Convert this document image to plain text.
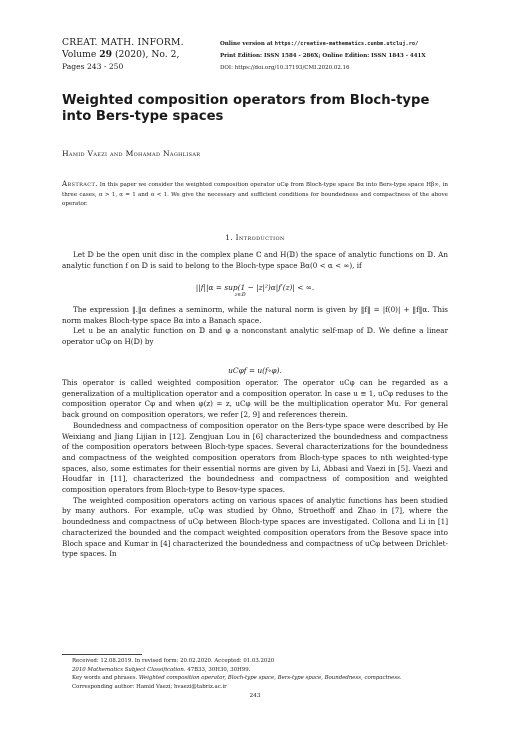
CREAT. MATH. INFORM.
Volume 29 (2020), No. 2,
Pages 243 - 250
Online version at https://creative-mathematics.cunbm.utcluj.ro/
Print Edition: ISSN 1584 - 286X; Online Edition: ISSN 1843 - 441X
DOI: https://doi.org/10.37193/CMI.2020.02.16
Weighted composition operators from Bloch-type into Bers-type spaces
Hamid Vaezi and Mohamad Naghlisar
Abstract. In this paper we consider the weighted composition operator uCφ from Bloch-type space Bα into Bers-type space Hβ∞, in three cases, α > 1, α = 1 and α < 1. We give the necessary and sufficient conditions for boundedness and compactness of the above operator.
1. Introduction

Let 𝔻 be the open unit disc in the complex plane ℂ and H(𝔻) the space of analytic functions on 𝔻. An analytic function f on 𝔻 is said to belong to the Bloch-type space Bα(0 < α < ∞), if

||f||α = sup(1 − |z|²)α|f′(z)| < ∞.
z∈𝔻

The expression ‖.‖α defines a seminorm, while the natural norm is given by ‖f‖ = |f(0)| + ‖f‖α. This norm makes Bloch-type space Bα into a Banach space.

Let u be an analytic function on 𝔻 and φ a nonconstant analytic self-map of 𝔻. We define a linear operator uCφ on H(𝔻) by

uCφf = u(f∘φ).

This operator is called weighted composition operator. The operator uCφ can be regarded as a generalization of a multiplication operator and a composition operator. In case u ≡ 1, uCφ reduses to the composition operator Cφ and when φ(z) = z, uCφ will be the multiplication operator Mu. For general back ground on composition operators, we refer [2, 9] and references therein.

Boundedness and compactness of composition operator on the Bers-type space were described by He Weixiang and Jiang Lijian in [12]. Zengjuan Lou in [6] characterized the boundedness and compactness of the composition operators between Bloch-type spaces. Several characterizations for the boundedness and compactness of the weighted composition operators from Bloch-type spaces to nth weighted-type spaces, also, some estimates for their essential norms are given by Li, Abbasi and Vaezi in [5]. Vaezi and Houdfar in [11], characterized the boundedness and compactness of composition and weighted composition operators from Bloch-type to Besov-type spaces.

The weighted composition operators acting on various spaces of analytic functions has been studied by many authors. For example, uCφ was studied by Ohno, Stroethoff and Zhao in [7], where the boundedness and compactness of uCφ between Bloch-type spaces are investigated. Collona and Li in [1] characterized the bounded and the compact weighted composition operators from the Besove space into Bloch space and Kumar in [4] characterized the boundedness and compactness of uCφ between Drichlet-type spaces. In

Received: 12.08.2019. In revised form: 20.02.2020. Accepted: 01.03.2020
2010 Mathematics Subject Classification. 47B33, 30H30, 30H99.
Key words and phrases. Weighted composition operator, Bloch-type space, Bers-type space, Boundedness, compactness.
Corresponding author: Hamid Vaezi; hvaezi@tabriz.ac.ir
243
